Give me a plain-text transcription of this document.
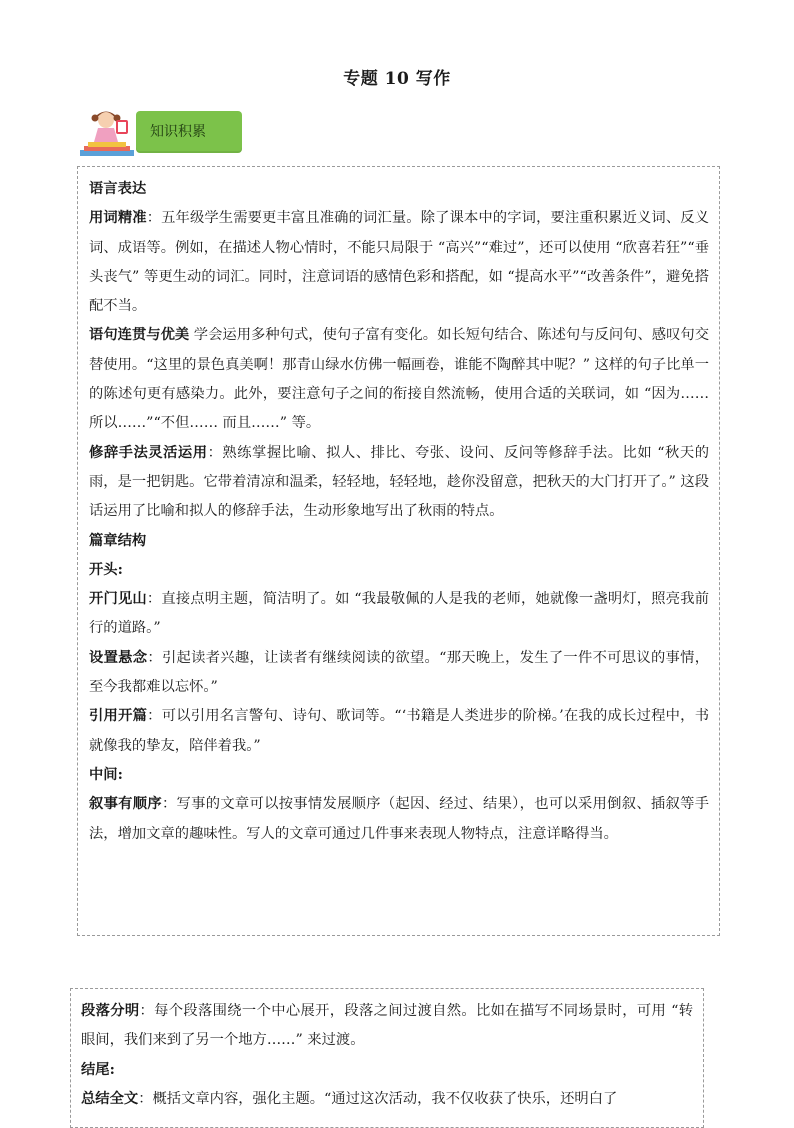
专题 10 写作
知识积累

语言表达

用词精准：五年级学生需要更丰富且准确的词汇量。除了课本中的字词，要注重积累近义词、反义词、成语等。例如，在描述人物心情时，不能只局限于 “高兴”“难过”，还可以使用 “欣喜若狂”“垂头丧气” 等更生动的词汇。同时，注意词语的感情色彩和搭配，如 “提高水平”“改善条件”，避免搭配不当。

语句连贯与优美 学会运用多种句式，使句子富有变化。如长短句结合、陈述句与反问句、感叹句交替使用。“这里的景色真美啊！那青山绿水仿佛一幅画卷，谁能不陶醉其中呢？” 这样的句子比单一的陈述句更有感染力。此外，要注意句子之间的衔接自然流畅，使用合适的关联词，如 “因为…… 所以……”“不但…… 而且……” 等。

修辞手法灵活运用：熟练掌握比喻、拟人、排比、夸张、设问、反问等修辞手法。比如 “秋天的雨，是一把钥匙。它带着清凉和温柔，轻轻地，轻轻地，趁你没留意，把秋天的大门打开了。” 这段话运用了比喻和拟人的修辞手法，生动形象地写出了秋雨的特点。

篇章结构

开头:

开门见山：直接点明主题，简洁明了。如 “我最敬佩的人是我的老师，她就像一盏明灯，照亮我前行的道路。”

设置悬念：引起读者兴趣，让读者有继续阅读的欲望。“那天晚上，发生了一件不可思议的事情，至今我都难以忘怀。”

引用开篇：可以引用名言警句、诗句、歌词等。“‘书籍是人类进步的阶梯。’在我的成长过程中，书就像我的挚友，陪伴着我。”

中间:

叙事有顺序：写事的文章可以按事情发展顺序（起因、经过、结果），也可以采用倒叙、插叙等手法，增加文章的趣味性。写人的文章可通过几件事来表现人物特点，注意详略得当。

段落分明：每个段落围绕一个中心展开，段落之间过渡自然。比如在描写不同场景时，可用 “转眼间，我们来到了另一个地方……” 来过渡。

结尾:

总结全文：概括文章内容，强化主题。“通过这次活动，我不仅收获了快乐，还明白了
